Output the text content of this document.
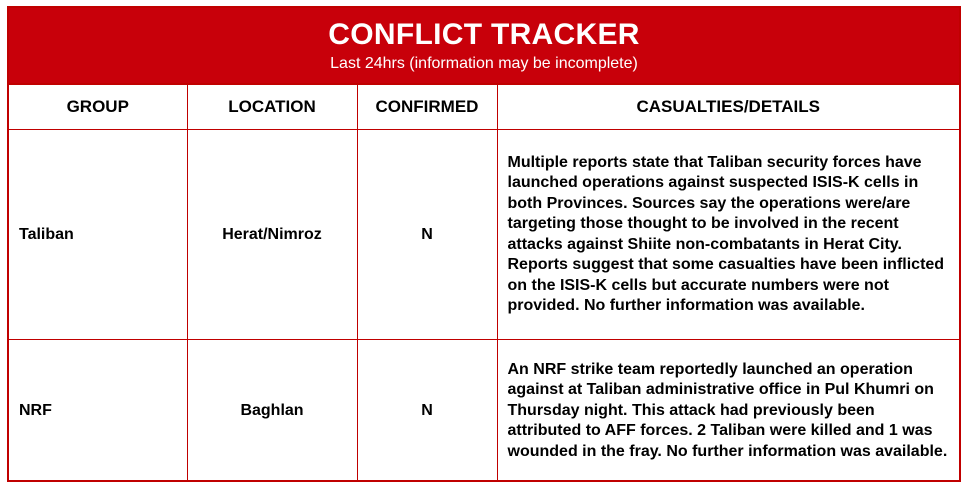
CONFLICT TRACKER
Last 24hrs (information may be incomplete)
GROUP	LOCATION	CONFIRMED	CASUALTIES/DETAILS
Taliban	Herat/Nimroz	N	Multiple reports state that Taliban security forces have launched operations against suspected ISIS-K cells in both Provinces. Sources say the operations were/are targeting those thought to be involved in the recent attacks against Shiite non-combatants in Herat City. Reports suggest that some casualties have been inflicted on the ISIS-K cells but accurate numbers were not provided. No further information was available.
NRF	Baghlan	N	An NRF strike team reportedly launched an operation against at Taliban administrative office in Pul Khumri on Thursday night. This attack had previously been attributed to AFF forces. 2 Taliban were killed and 1 was wounded in the fray. No further information was available.
